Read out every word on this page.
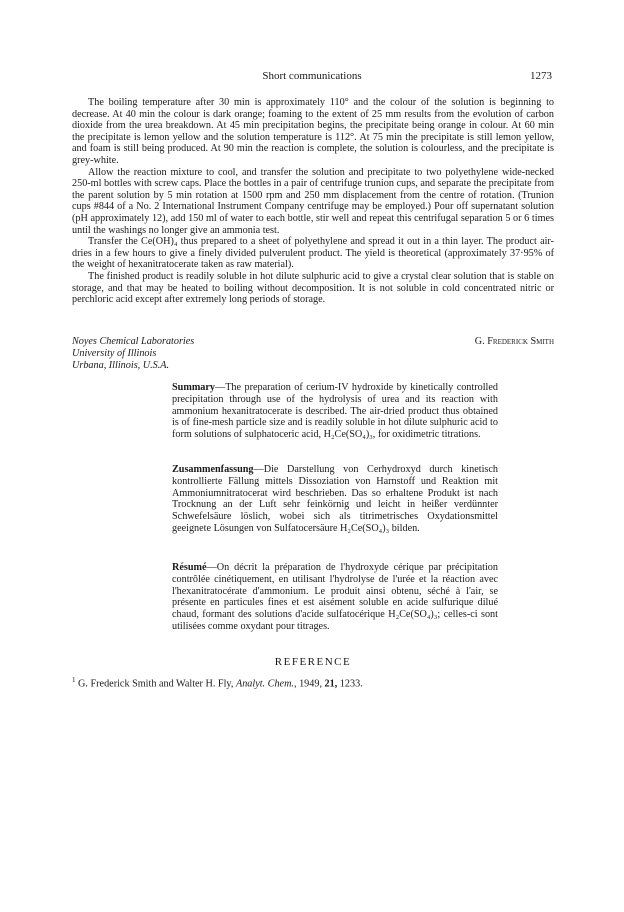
Short communications	1273

The boiling temperature after 30 min is approximately 110° and the colour of the solution is beginning to decrease. At 40 min the colour is dark orange; foaming to the extent of 25 mm results from the evolution of carbon dioxide from the urea breakdown. At 45 min precipitation begins, the precipitate being orange in colour. At 60 min the precipitate is lemon yellow and the solution temperature is 112°. At 75 min the precipitate is still lemon yellow, and foam is still being produced. At 90 min the reaction is complete, the solution is colourless, and the precipitate is grey-white.

Allow the reaction mixture to cool, and transfer the solution and precipitate to two polyethylene wide-necked 250-ml bottles with screw caps. Place the bottles in a pair of centrifuge trunion cups, and separate the precipitate from the parent solution by 5 min rotation at 1500 rpm and 250 mm displacement from the centre of rotation. (Trunion cups #844 of a No. 2 International Instrument Company centrifuge may be employed.) Pour off supernatant solution (pH approximately 12), add 150 ml of water to each bottle, stir well and repeat this centrifugal separation 5 or 6 times until the washings no longer give an ammonia test.

Transfer the Ce(OH)₄ thus prepared to a sheet of polyethylene and spread it out in a thin layer. The product air-dries in a few hours to give a finely divided pulverulent product. The yield is theoretical (approximately 37·95% of the weight of hexanitratocerate taken as raw material).

The finished product is readily soluble in hot dilute sulphuric acid to give a crystal clear solution that is stable on storage, and that may be heated to boiling without decomposition. It is not soluble in cold concentrated nitric or perchloric acid except after extremely long periods of storage.

Noyes Chemical Laboratories
University of Illinois
Urbana, Illinois, U.S.A.
G. Frederick Smith

Summary—The preparation of cerium-IV hydroxide by kinetically controlled precipitation through use of the hydrolysis of urea and its reaction with ammonium hexanitratocerate is described. The air-dried product thus obtained is of fine-mesh particle size and is readily soluble in hot dilute sulphuric acid to form solutions of sulphatoceric acid, H₂Ce(SO₄)₃, for oxidimetric titrations.

Zusammenfassung—Die Darstellung von Cerhydroxyd durch kinetisch kontrollierte Fällung mittels Dissoziation von Harnstoff und Reaktion mit Ammoniumnitratocerat wird beschrieben. Das so erhaltene Produkt ist nach Trocknung an der Luft sehr feinkörnig und leicht in heißer verdünnter Schwefelsäure löslich, wobei sich als titrimetrisches Oxydationsmittel geeignete Lösungen von Sulfatocersäure H₂Ce(SO₄)₃ bilden.

Résumé—On décrit la préparation de l'hydroxyde cérique par précipitation contrôlée cinétiquement, en utilisant l'hydrolyse de l'urée et la réaction avec l'hexanitratocérate d'ammonium. Le produit ainsi obtenu, séché à l'air, se présente en particules fines et est aisément soluble en acide sulfurique dilué chaud, formant des solutions d'acide sulfatocérique H₂Ce(SO₄)₃; celles-ci sont utilisées comme oxydant pour titrages.

REFERENCE
$^1$ G. Frederick Smith and Walter H. Fly, Analyt. Chem., 1949, 21, 1233.
